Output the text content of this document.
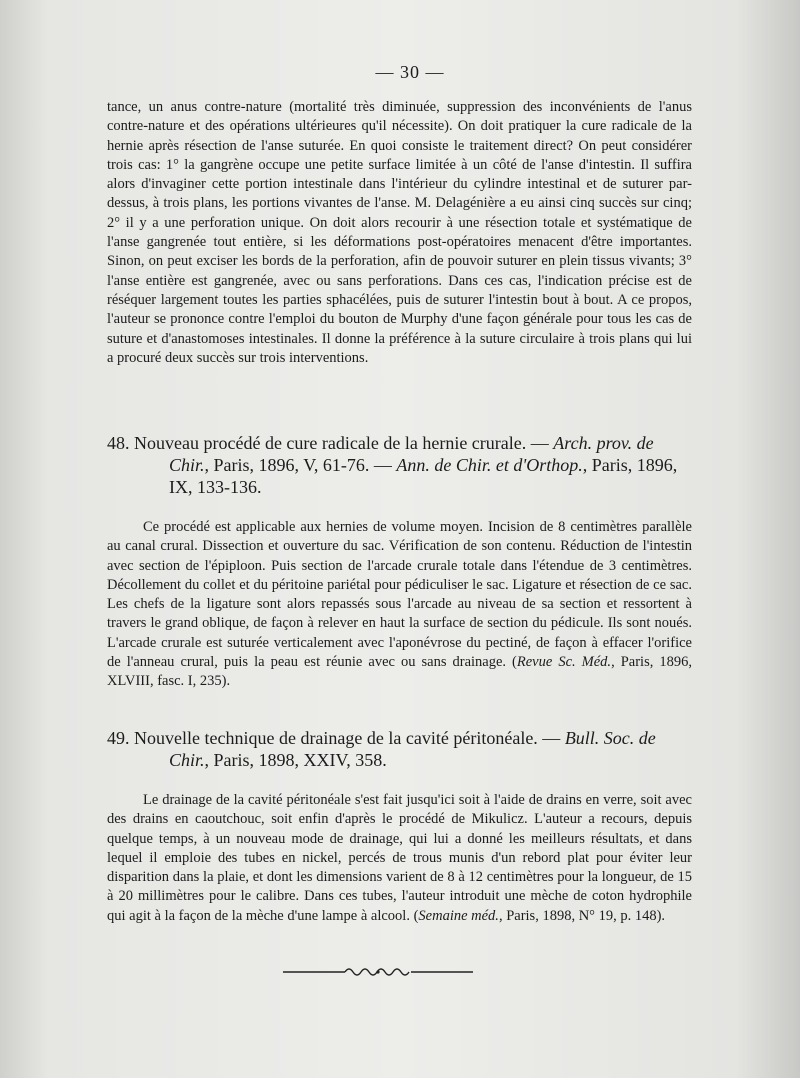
— 30 —

tance, un anus contre-nature (mortalité très diminuée, suppression des inconvénients de l'anus contre-nature et des opérations ultérieures qu'il nécessite). On doit pratiquer la cure radicale de la hernie après résection de l'anse suturée. En quoi consiste le traitement direct? On peut considérer trois cas: 1° la gangrène occupe une petite surface limitée à un côté de l'anse d'intestin. Il suffira alors d'invaginer cette portion intestinale dans l'intérieur du cylindre intestinal et de suturer par-dessus, à trois plans, les portions vivantes de l'anse. M. Delagénière a eu ainsi cinq succès sur cinq; 2° il y a une perforation unique. On doit alors recourir à une résection totale et systématique de l'anse gangrenée tout entière, si les déformations post-opératoires menacent d'être importantes. Sinon, on peut exciser les bords de la perforation, afin de pouvoir suturer en plein tissus vivants; 3° l'anse entière est gangrenée, avec ou sans perforations. Dans ces cas, l'indication précise est de réséquer largement toutes les parties sphacélées, puis de suturer l'intestin bout à bout. A ce propos, l'auteur se prononce contre l'emploi du bouton de Murphy d'une façon générale pour tous les cas de suture et d'anastomoses intestinales. Il donne la préférence à la suture circulaire à trois plans qui lui a procuré deux succès sur trois interventions.

48. Nouveau procédé de cure radicale de la hernie crurale. — Arch. prov. de Chir., Paris, 1896, V, 61-76. — Ann. de Chir. et d'Orthop., Paris, 1896, IX, 133-136.

Ce procédé est applicable aux hernies de volume moyen. Incision de 8 centimètres parallèle au canal crural. Dissection et ouverture du sac. Vérification de son contenu. Réduction de l'intestin avec section de l'épiploon. Puis section de l'arcade crurale totale dans l'étendue de 3 centimètres. Décollement du collet et du péritoine pariétal pour pédiculiser le sac. Ligature et résection de ce sac. Les chefs de la ligature sont alors repassés sous l'arcade au niveau de sa section et ressortent à travers le grand oblique, de façon à relever en haut la surface de section du pédicule. Ils sont noués. L'arcade crurale est suturée verticalement avec l'aponévrose du pectiné, de façon à effacer l'orifice de l'anneau crural, puis la peau est réunie avec ou sans drainage. (Revue Sc. Méd., Paris, 1896, XLVIII, fasc. I, 235).

49. Nouvelle technique de drainage de la cavité péritonéale. — Bull. Soc. de Chir., Paris, 1898, XXIV, 358.

Le drainage de la cavité péritonéale s'est fait jusqu'ici soit à l'aide de drains en verre, soit avec des drains en caoutchouc, soit enfin d'après le procédé de Mikulicz. L'auteur a recours, depuis quelque temps, à un nouveau mode de drainage, qui lui a donné les meilleurs résultats, et dans lequel il emploie des tubes en nickel, percés de trous munis d'un rebord plat pour éviter leur disparition dans la plaie, et dont les dimensions varient de 8 à 12 centimètres pour la longueur, de 15 à 20 millimètres pour le calibre. Dans ces tubes, l'auteur introduit une mèche de coton hydrophile qui agit à la façon de la mèche d'une lampe à alcool. (Semaine méd., Paris, 1898, N° 19, p. 148).
